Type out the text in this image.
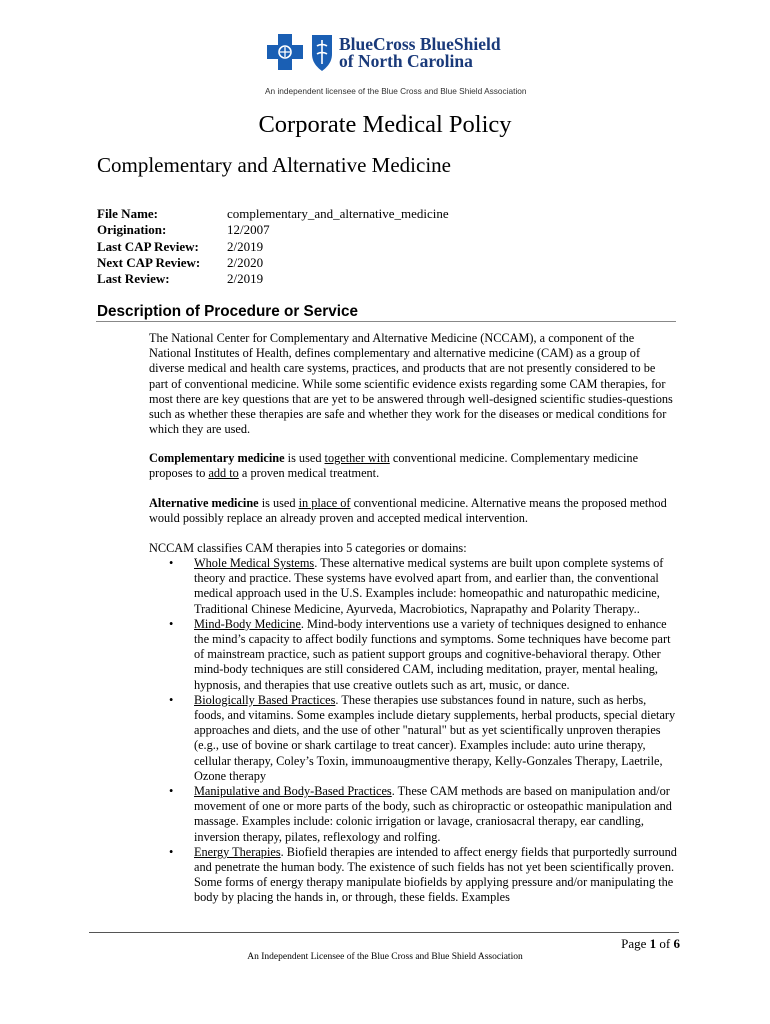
BlueCross BlueShield
of North Carolina
An independent licensee of the Blue Cross and Blue Shield Association
Corporate Medical Policy
Complementary and Alternative Medicine
File Name:	complementary_and_alternative_medicine
Origination:	12/2007
Last CAP Review:	2/2019
Next CAP Review:	2/2020
Last Review:	2/2019
Description of Procedure or Service
The National Center for Complementary and Alternative Medicine (NCCAM), a component of the National Institutes of Health, defines complementary and alternative medicine (CAM) as a group of diverse medical and health care systems, practices, and products that are not presently considered to be part of conventional medicine. While some scientific evidence exists regarding some CAM therapies, for most there are key questions that are yet to be answered through well-designed scientific studies-questions such as whether these therapies are safe and whether they work for the diseases or medical conditions for which they are used.
Complementary medicine is used together with conventional medicine. Complementary medicine proposes to add to a proven medical treatment.
Alternative medicine is used in place of conventional medicine. Alternative means the proposed method would possibly replace an already proven and accepted medical intervention.
NCCAM classifies CAM therapies into 5 categories or domains:
• Whole Medical Systems. These alternative medical systems are built upon complete systems of theory and practice. These systems have evolved apart from, and earlier than, the conventional medical approach used in the U.S. Examples include: homeopathic and naturopathic medicine, Traditional Chinese Medicine, Ayurveda, Macrobiotics, Naprapathy and Polarity Therapy..
• Mind-Body Medicine. Mind-body interventions use a variety of techniques designed to enhance the mind’s capacity to affect bodily functions and symptoms. Some techniques have become part of mainstream practice, such as patient support groups and cognitive-behavioral therapy. Other mind-body techniques are still considered CAM, including meditation, prayer, mental healing, hypnosis, and therapies that use creative outlets such as art, music, or dance.
• Biologically Based Practices. These therapies use substances found in nature, such as herbs, foods, and vitamins. Some examples include dietary supplements, herbal products, special dietary approaches and diets, and the use of other "natural" but as yet scientifically unproven therapies (e.g., use of bovine or shark cartilage to treat cancer). Examples include: auto urine therapy, cellular therapy, Coley’s Toxin, immunoaugmentive therapy, Kelly-Gonzales Therapy, Laetrile, Ozone therapy
• Manipulative and Body-Based Practices. These CAM methods are based on manipulation and/or movement of one or more parts of the body, such as chiropractic or osteopathic manipulation and massage. Examples include: colonic irrigation or lavage, craniosacral therapy, ear candling, inversion therapy, pilates, reflexology and rolfing.
• Energy Therapies. Biofield therapies are intended to affect energy fields that purportedly surround and penetrate the human body. The existence of such fields has not yet been scientifically proven. Some forms of energy therapy manipulate biofields by applying pressure and/or manipulating the body by placing the hands in, or through, these fields. Examples
Page 1 of 6
An Independent Licensee of the Blue Cross and Blue Shield Association
